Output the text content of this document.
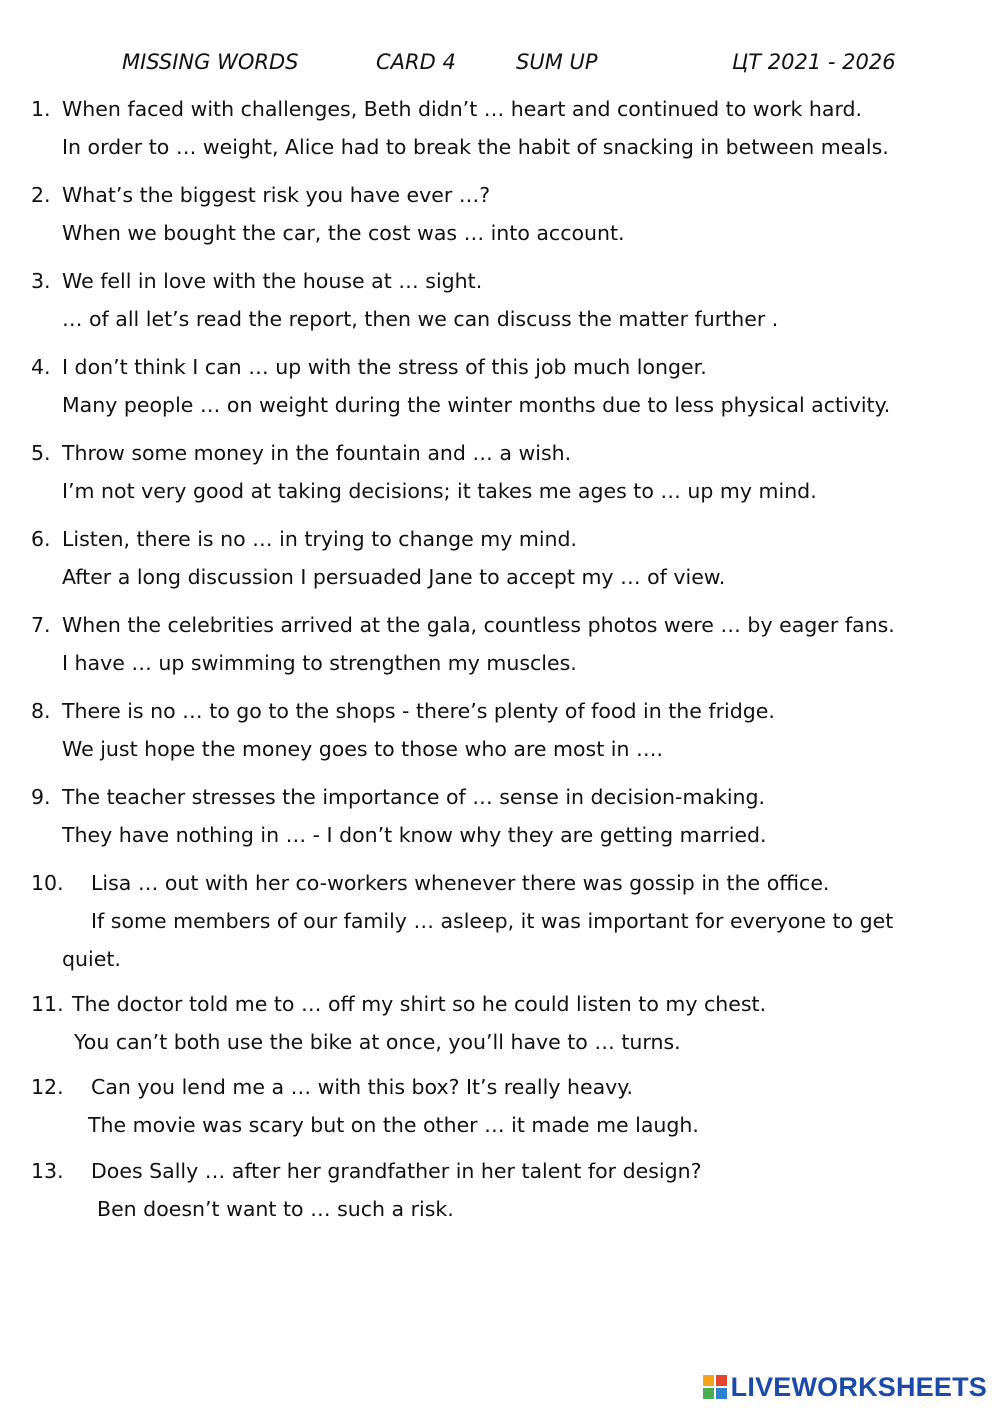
MISSING WORDS	CARD 4	SUM UP	ЦТ 2021 - 2026
1. When faced with challenges, Beth didn’t … heart and continued to work hard.
In order to … weight, Alice had to break the habit of snacking in between meals.
2. What’s the biggest risk you have ever …?
When we bought the car, the cost was … into account.
3. We fell in love with the house at … sight.
… of all let’s read the report, then we can discuss the matter further .
4. I don’t think I can … up with the stress of this job much longer.
Many people … on weight during the winter months due to less physical activity.
5. Throw some money in the fountain and … a wish.
I’m not very good at taking decisions; it takes me ages to … up my mind.
6. Listen, there is no … in trying to change my mind.
After a long discussion I persuaded Jane to accept my … of view.
7. When the celebrities arrived at the gala, countless photos were … by eager fans.
I have … up swimming to strengthen my muscles.
8. There is no … to go to the shops - there’s plenty of food in the fridge.
We just hope the money goes to those who are most in ….
9. The teacher stresses the importance of … sense in decision-making.
They have nothing in … - I don’t know why they are getting married.
10. Lisa … out with her co-workers whenever there was gossip in the office.
If some members of our family … asleep, it was important for everyone to get
quiet.
11. The doctor told me to … off my shirt so he could listen to my chest.
You can’t both use the bike at once, you’ll have to … turns.
12. Can you lend me a … with this box? It’s really heavy.
The movie was scary but on the other … it made me laugh.
13. Does Sally … after her grandfather in her talent for design?
Ben doesn’t want to … such a risk.
LIVEWORKSHEETS
